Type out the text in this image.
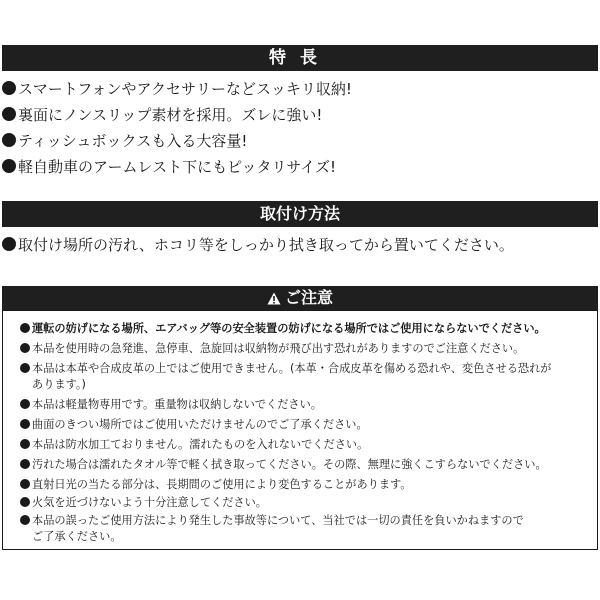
特長
スマートフォンやアクセサリーなどスッキリ収納!
裏面にノンスリップ素材を採用。ズレに強い!
ティッシュボックスも入る大容量!
軽自動車のアームレスト下にもピッタリサイズ!
取付け方法
取付け場所の汚れ、ホコリ等をしっかり拭き取ってから置いてください。
ご注意
運転の妨げになる場所、エアバッグ等の安全装置の妨げになる場所ではご使用にならないでください。
本品を使用時の急発進、急停車、急旋回は収納物が飛び出す恐れがありますのでご注意ください。
本品は本革や合成皮革の上ではご使用できません。(本革・合成皮革を傷める恐れや、変色させる恐れが
あります。)
本品は軽量物専用です。重量物は収納しないでください。
曲面のきつい場所ではご使用いただけませんのでご了承ください。
本品は防水加工ておりません。濡れたものを入れないでください。
汚れた場合は濡れたタオル等で軽く拭き取ってください。その際、無理に強くこすらないでください。
直射日光の当たる部分は、長期間のご使用により変色することがあります。
火気を近づけないよう十分注意してください。
本品の誤ったご使用方法により発生した事故等について、当社では一切の責任を負いかねますので
ご了承ください。
